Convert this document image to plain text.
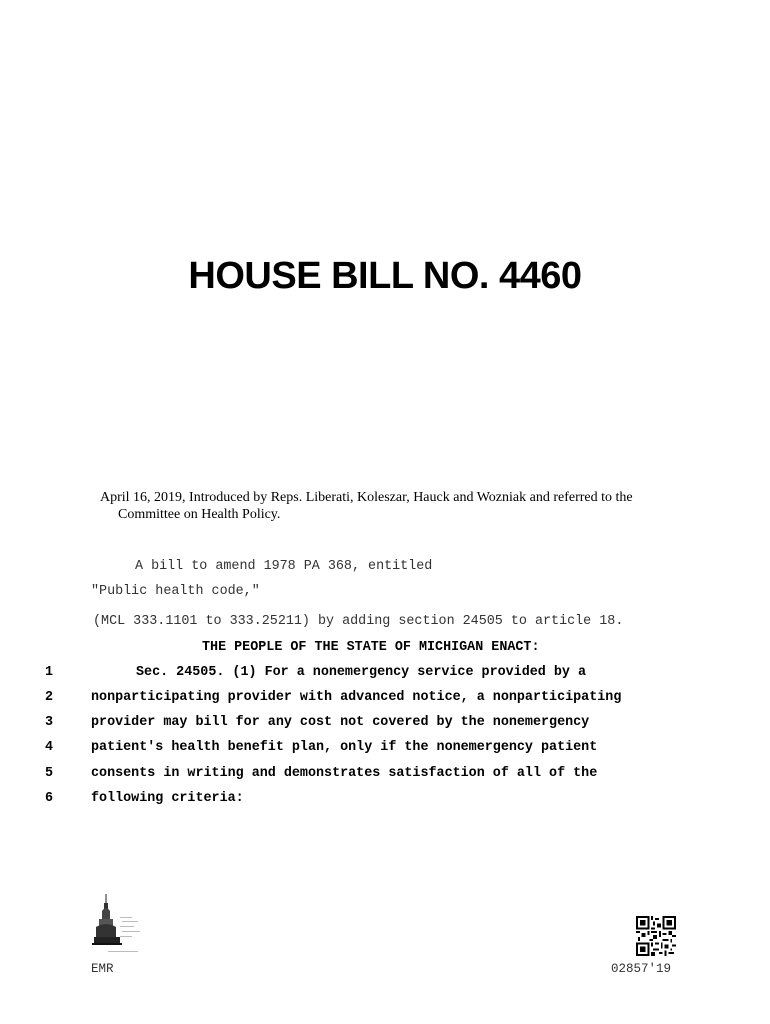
HOUSE BILL NO. 4460
April 16, 2019, Introduced by Reps. Liberati, Koleszar, Hauck and Wozniak and referred to the
Committee on Health Policy.
A bill to amend 1978 PA 368, entitled
"Public health code,"
(MCL 333.1101 to 333.25211) by adding section 24505 to article 18.
THE PEOPLE OF THE STATE OF MICHIGAN ENACT:
1	Sec. 24505. (1) For a nonemergency service provided by a
2	nonparticipating provider with advanced notice, a nonparticipating
3	provider may bill for any cost not covered by the nonemergency
4	patient's health benefit plan, only if the nonemergency patient
5	consents in writing and demonstrates satisfaction of all of the
6	following criteria:
EMR	02857'19
